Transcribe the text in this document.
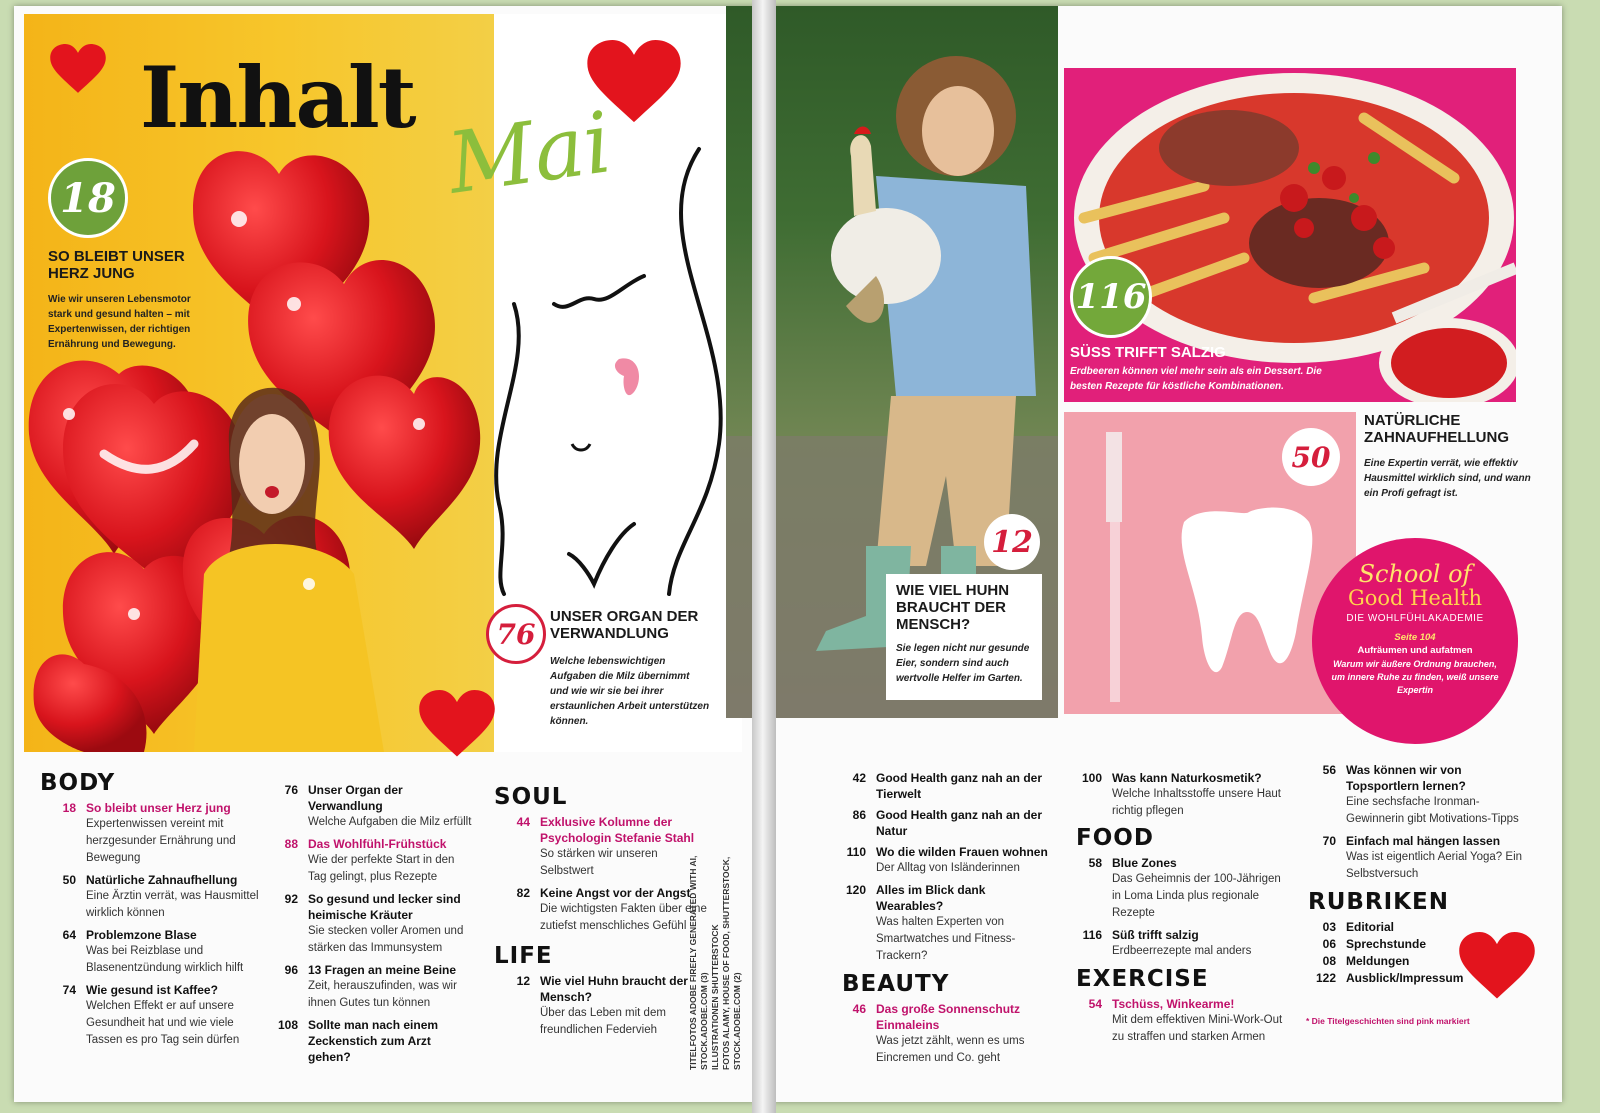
Inhalt Mai
18
SO BLEIBT UNSER HERZ JUNG
Wie wir unseren Lebensmotor stark und gesund halten – mit Expertenwissen, der richtigen Ernährung und Bewegung.
76
UNSER ORGAN DER VERWANDLUNG
Welche lebenswichtigen Aufgaben die Milz übernimmt und wie wir sie bei ihrer erstaunlichen Arbeit unterstützen können.
12
WIE VIEL HUHN BRAUCHT DER MENSCH?
Sie legen nicht nur gesunde Eier, sondern sind auch wertvolle Helfer im Garten.
116
SÜSS TRIFFT SALZIG
Erdbeeren können viel mehr sein als ein Dessert. Die besten Rezepte für köstliche Kombinationen.
50
NATÜRLICHE ZAHNAUFHELLUNG
Eine Expertin verrät, wie effektiv Hausmittel wirklich sind, und wann ein Profi gefragt ist.
School of
Good Health
DIE WOHLFÜHLAKADEMIE
Seite 104
Aufräumen und aufatmen
Warum wir äußere Ordnung brauchen, um innere Ruhe zu finden, weiß unsere Expertin
BODY
18 So bleibt unser Herz jung
Expertenwissen vereint mit herzgesunder Ernährung und Bewegung
50 Natürliche Zahnaufhellung
Eine Ärztin verrät, was Hausmittel wirklich können
64 Problemzone Blase
Was bei Reizblase und Blasenentzündung wirklich hilft
74 Wie gesund ist Kaffee?
Welchen Effekt er auf unsere Gesundheit hat und wie viele Tassen es pro Tag sein dürfen
76 Unser Organ der Verwandlung
Welche Aufgaben die Milz erfüllt
88 Das Wohlfühl-Frühstück
Wie der perfekte Start in den Tag gelingt, plus Rezepte
92 So gesund und lecker sind heimische Kräuter
Sie stecken voller Aromen und stärken das Immunsystem
96 13 Fragen an meine Beine
Zeit, herauszufinden, was wir ihnen Gutes tun können
108 Sollte man nach einem Zeckenstich zum Arzt gehen?
SOUL
44 Exklusive Kolumne der Psychologin Stefanie Stahl
So stärken wir unseren Selbstwert
82 Keine Angst vor der Angst
Die wichtigsten Fakten über eine zutiefst menschliches Gefühl
LIFE
12 Wie viel Huhn braucht der Mensch?
Über das Leben mit dem freundlichen Federvieh	TITELFOTOS ADOBE FIREFLY GENERATED WITH AI, STOCK.ADOBE.COM (3) ILLUSTRATIONEN SHUTTERSTOCK FOTOS ALAMY, HOUSE OF FOOD, SHUTTERSTOCK, STOCK.ADOBE.COM (2)
42 Good Health ganz nah an der Tierwelt
86 Good Health ganz nah an der Natur
110 Wo die wilden Frauen wohnen
Der Alltag von Isländerinnen
120 Alles im Blick dank Wearables?
Was halten Experten von Smartwatches und Fitness-Trackern?
BEAUTY
46 Das große Sonnenschutz Einmaleins
Was jetzt zählt, wenn es ums Eincremen und Co. geht
100 Was kann Naturkosmetik?
Welche Inhaltsstoffe unsere Haut richtig pflegen
FOOD
58 Blue Zones
Das Geheimnis der 100-Jährigen in Loma Linda plus regionale Rezepte
116 Süß trifft salzig
Erdbeerrezepte mal anders
EXERCISE
54 Tschüss, Winkearme!
Mit dem effektiven Mini-Work-Out zu straffen und starken Armen
56 Was können wir von Topsportlern lernen?
Eine sechsfache Ironman-Gewinnerin gibt Motivations-Tipps
70 Einfach mal hängen lassen
Was ist eigentlich Aerial Yoga? Ein Selbstversuch
RUBRIKEN
03 Editorial
06 Sprechstunde
08 Meldungen
122 Ausblick/Impressum
* Die Titelgeschichten sind pink markiert
